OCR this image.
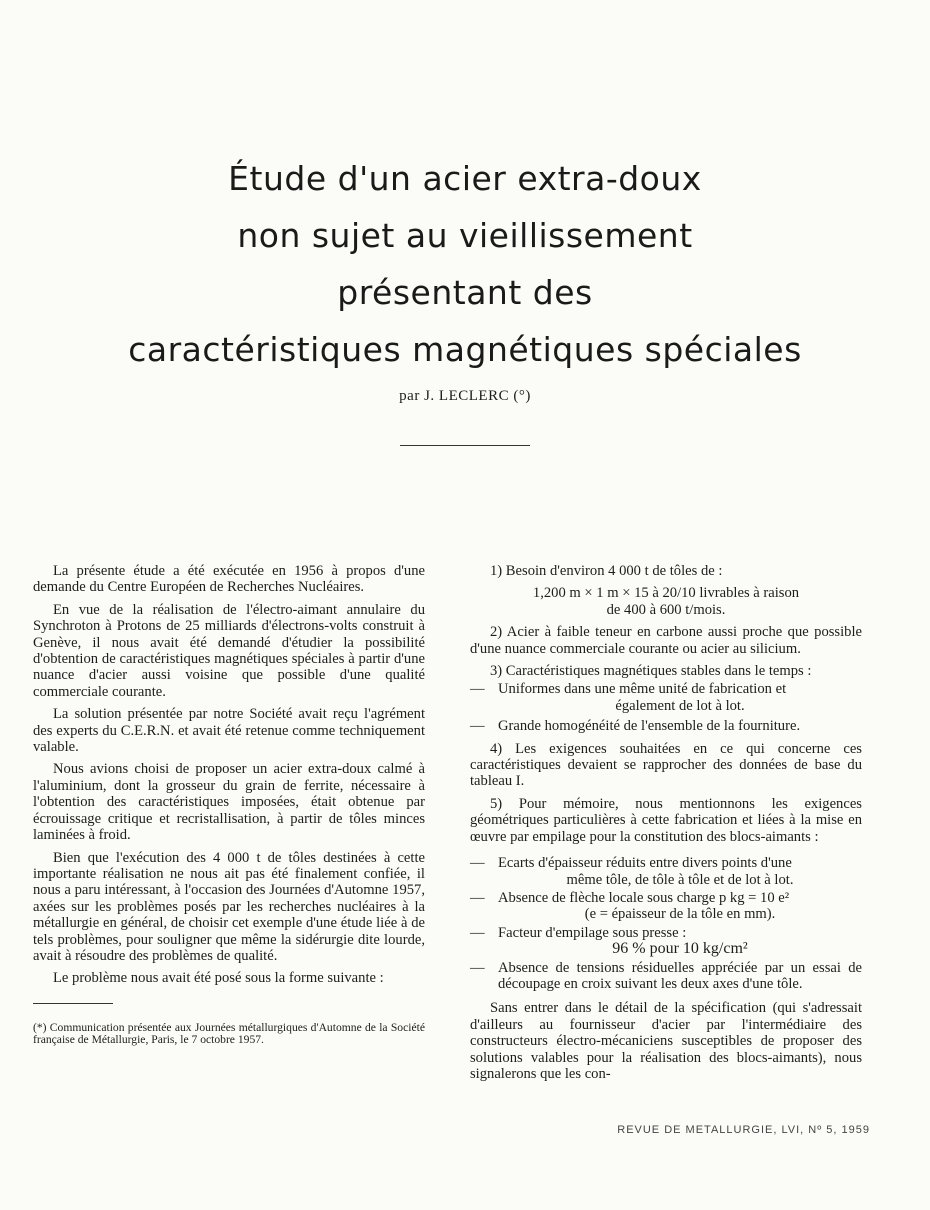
Étude d'un acier extra-doux
non sujet au vieillissement
présentant des
caractéristiques magnétiques spéciales
par J. LECLERC (°)

La présente étude a été exécutée en 1956 à propos d'une demande du Centre Européen de Recherches Nucléaires.

En vue de la réalisation de l'électro-aimant annulaire du Synchroton à Protons de 25 milliards d'électrons-volts construit à Genève, il nous avait été demandé d'étudier la possibilité d'obtention de caractéristiques magnétiques spéciales à partir d'une nuance d'acier aussi voisine que possible d'une qualité commerciale courante.

La solution présentée par notre Société avait reçu l'agrément des experts du C.E.R.N. et avait été retenue comme techniquement valable.

Nous avions choisi de proposer un acier extra-doux calmé à l'aluminium, dont la grosseur du grain de ferrite, nécessaire à l'obtention des caractéristiques imposées, était obtenue par écrouissage critique et recristallisation, à partir de tôles minces laminées à froid.

Bien que l'exécution des 4 000 t de tôles destinées à cette importante réalisation ne nous ait pas été finalement confiée, il nous a paru intéressant, à l'occasion des Journées d'Automne 1957, axées sur les problèmes posés par les recherches nucléaires à la métallurgie en général, de choisir cet exemple d'une étude liée à de tels problèmes, pour souligner que même la sidérurgie dite lourde, avait à résoudre des problèmes de qualité.

Le problème nous avait été posé sous la forme suivante :

(*) Communication présentée aux Journées métallurgiques d'Automne de la Société française de Métallurgie, Paris, le 7 octobre 1957.
1) Besoin d'environ 4 000 t de tôles de :
1,200 m × 1 m × 15 à 20/10 livrables à raison
de 400 à 600 t/mois.
2) Acier à faible teneur en carbone aussi proche que possible d'une nuance commerciale courante ou acier au silicium.
3) Caractéristiques magnétiques stables dans le temps :
— Uniformes dans une même unité de fabrication et
également de lot à lot.
— Grande homogénéité de l'ensemble de la fourniture.
4) Les exigences souhaitées en ce qui concerne ces caractéristiques devaient se rapprocher des données de base du tableau I.
5) Pour mémoire, nous mentionnons les exigences géométriques particulières à cette fabrication et liées à la mise en œuvre par empilage pour la constitution des blocs-aimants :
— Ecarts d'épaisseur réduits entre divers points d'une
même tôle, de tôle à tôle et de lot à lot.
— Absence de flèche locale sous charge p kg = 10 e²
(e = épaisseur de la tôle en mm).
— Facteur d'empilage sous presse :
96 % pour 10 kg/cm²
— Absence de tensions résiduelles appréciée par un essai de découpage en croix suivant les deux axes d'une tôle.

Sans entrer dans le détail de la spécification (qui s'adressait d'ailleurs au fournisseur d'acier par l'intermédiaire des constructeurs électro-mécaniciens susceptibles de proposer des solutions valables pour la réalisation des blocs-aimants), nous signalerons que les con-

REVUE DE METALLURGIE, LVI, Nº 5, 1959
